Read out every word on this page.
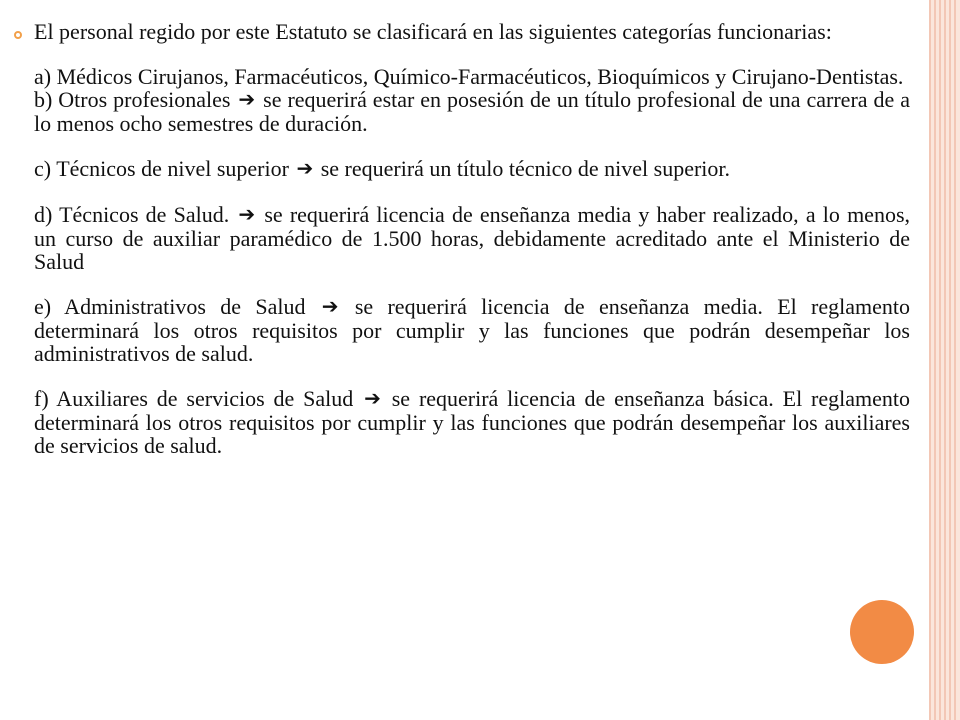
El personal regido por este Estatuto se clasificará en las siguientes categorías funcionarias:

a) Médicos Cirujanos, Farmacéuticos, Químico-Farmacéuticos, Bioquímicos y Cirujano-Dentistas.

b) Otros profesionales ➔ se requerirá estar en posesión de un título profesional de una carrera de a lo menos ocho semestres de duración.

c) Técnicos de nivel superior ➔ se requerirá un título técnico de nivel superior.

d) Técnicos de Salud. ➔ se requerirá licencia de enseñanza media y haber realizado, a lo menos, un curso de auxiliar paramédico de 1.500 horas, debidamente acreditado ante el Ministerio de Salud

e) Administrativos de Salud ➔ se requerirá licencia de enseñanza media. El reglamento determinará los otros requisitos por cumplir y las funciones que podrán desempeñar los administrativos de salud.

f) Auxiliares de servicios de Salud ➔ se requerirá licencia de enseñanza básica. El reglamento determinará los otros requisitos por cumplir y las funciones que podrán desempeñar los auxiliares de servicios de salud.
